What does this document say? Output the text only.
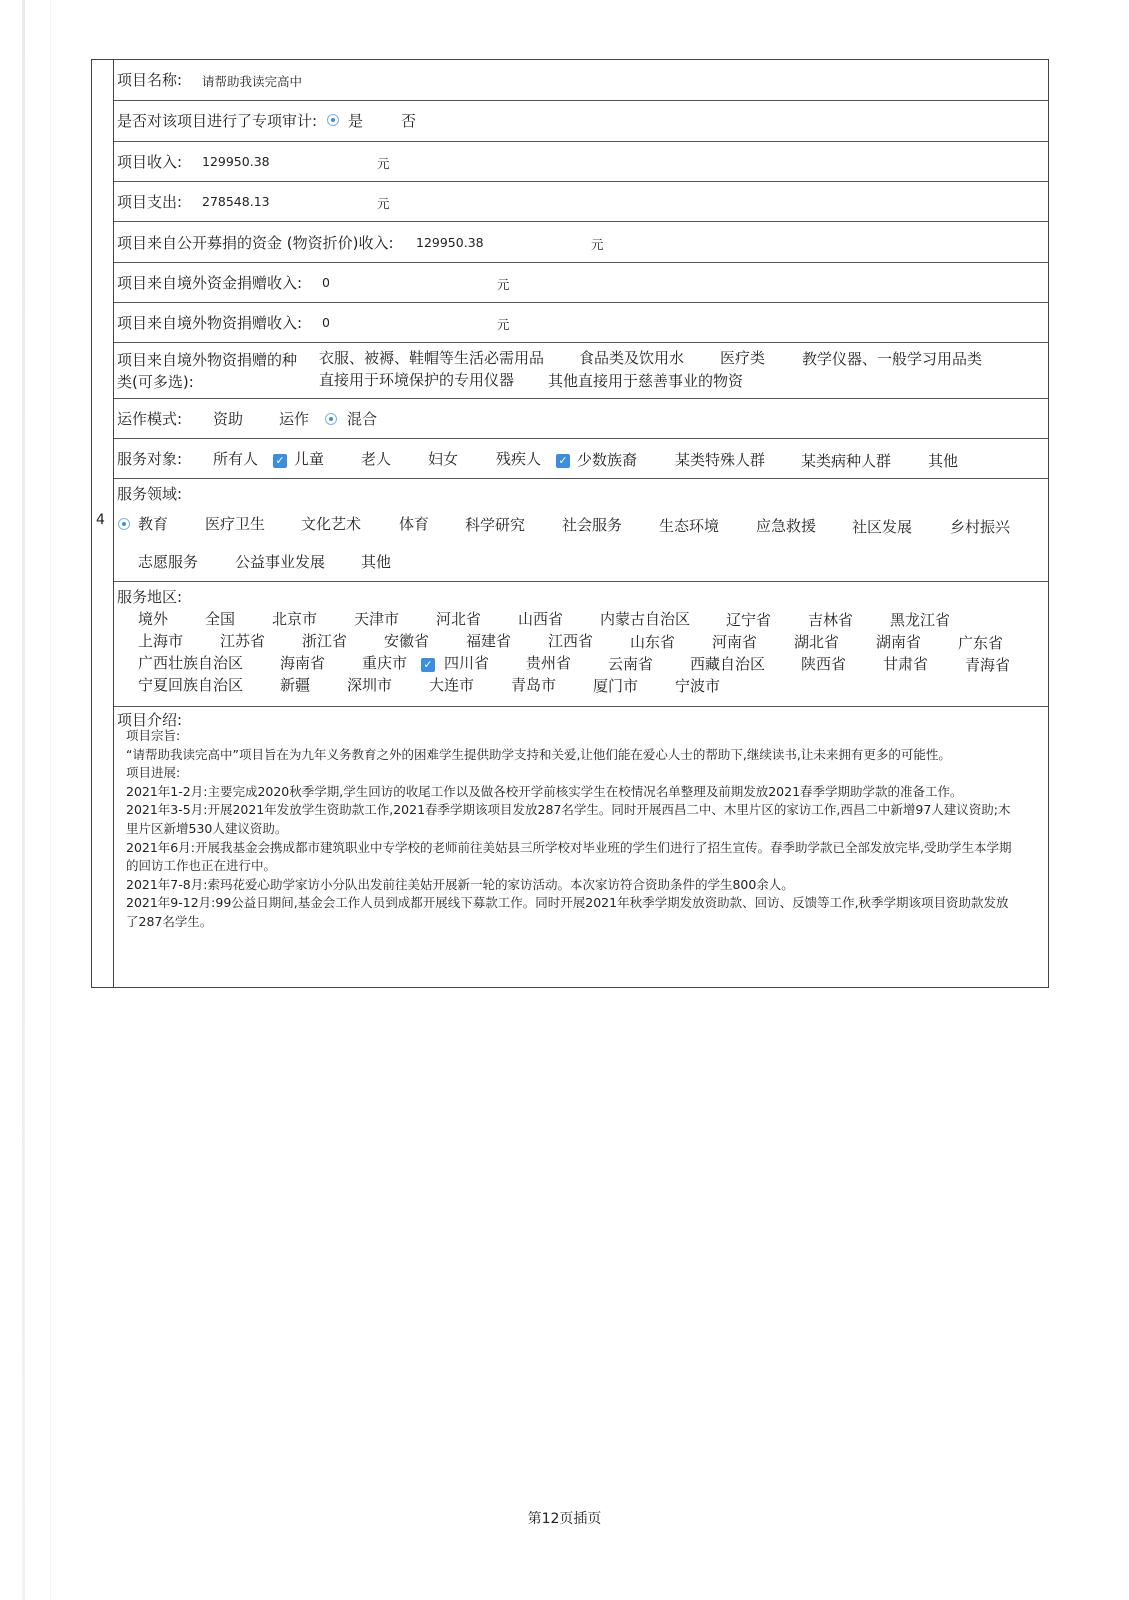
4
项目名称: 请帮助我读完高中
是否对该项目进行了专项审计: 是	否
项目收入: 129950.38	元
项目支出: 278548.13	元
项目来自公开募捐的资金 (物资折价)收入: 129950.38	元
项目来自境外资金捐赠收入: 0	元
项目来自境外物资捐赠收入: 0	元
项目来自境外物资捐赠的种
类(可多选):
衣服、被褥、鞋帽等生活必需用品 食品类及饮用水 医疗类 教学仪器、一般学习用品类
直接用于环境保护的专用仪器 其他直接用于慈善事业的物资
运作模式: 资助 运作	混合
服务对象: 所有人 ✓ 儿童 老人 妇女	残疾人 ✓ 少数族裔	某类特殊人群 某类病种人群 其他
服务领域:
教育 医疗卫生 文化艺术	体育 科学研究 社会服务 生态环境 应急救援 社区发展	乡村振兴
志愿服务 公益事业发展 其他
服务地区:
境外 全国 北京市 天津市 河北省 山西省 内蒙古自治区 辽宁省 吉林省 黑龙江省
上海市 江苏省 浙江省 安徽省 福建省 江西省 山东省 河南省 湖北省 湖南省 广东省
广西壮族自治区 海南省 重庆市 ✓ 四川省 贵州省 云南省 西藏自治区 陕西省 甘肃省 青海省
宁夏回族自治区 新疆 深圳市 大连市 青岛市 厦门市 宁波市
项目介绍:

项目宗旨:

“请帮助我读完高中”项目旨在为九年义务教育之外的困难学生提供助学支持和关爱,让他们能在爱心人士的帮助下,继续读书,让未来拥有更多的可能性。

项目进展:

2021年1-2月:主要完成2020秋季学期,学生回访的收尾工作以及做各校开学前核实学生在校情况名单整理及前期发放2021春季学期助学款的准备工作。

2021年3-5月:开展2021年发放学生资助款工作,2021春季学期该项目发放287名学生。同时开展西昌二中、木里片区的家访工作,西昌二中新增97人建议资助;木里片区新增530人建议资助。

2021年6月:开展我基金会携成都市建筑职业中专学校的老师前往美姑县三所学校对毕业班的学生们进行了招生宣传。春季助学款已全部发放完毕,受助学生本学期的回访工作也正在进行中。

2021年7-8月:索玛花爱心助学家访小分队出发前往美姑开展新一轮的家访活动。本次家访符合资助条件的学生800余人。

2021年9-12月:99公益日期间,基金会工作人员到成都开展线下募款工作。同时开展2021年秋季学期发放资助款、回访、反馈等工作,秋季学期该项目资助款发放了287名学生。

第12页插页
